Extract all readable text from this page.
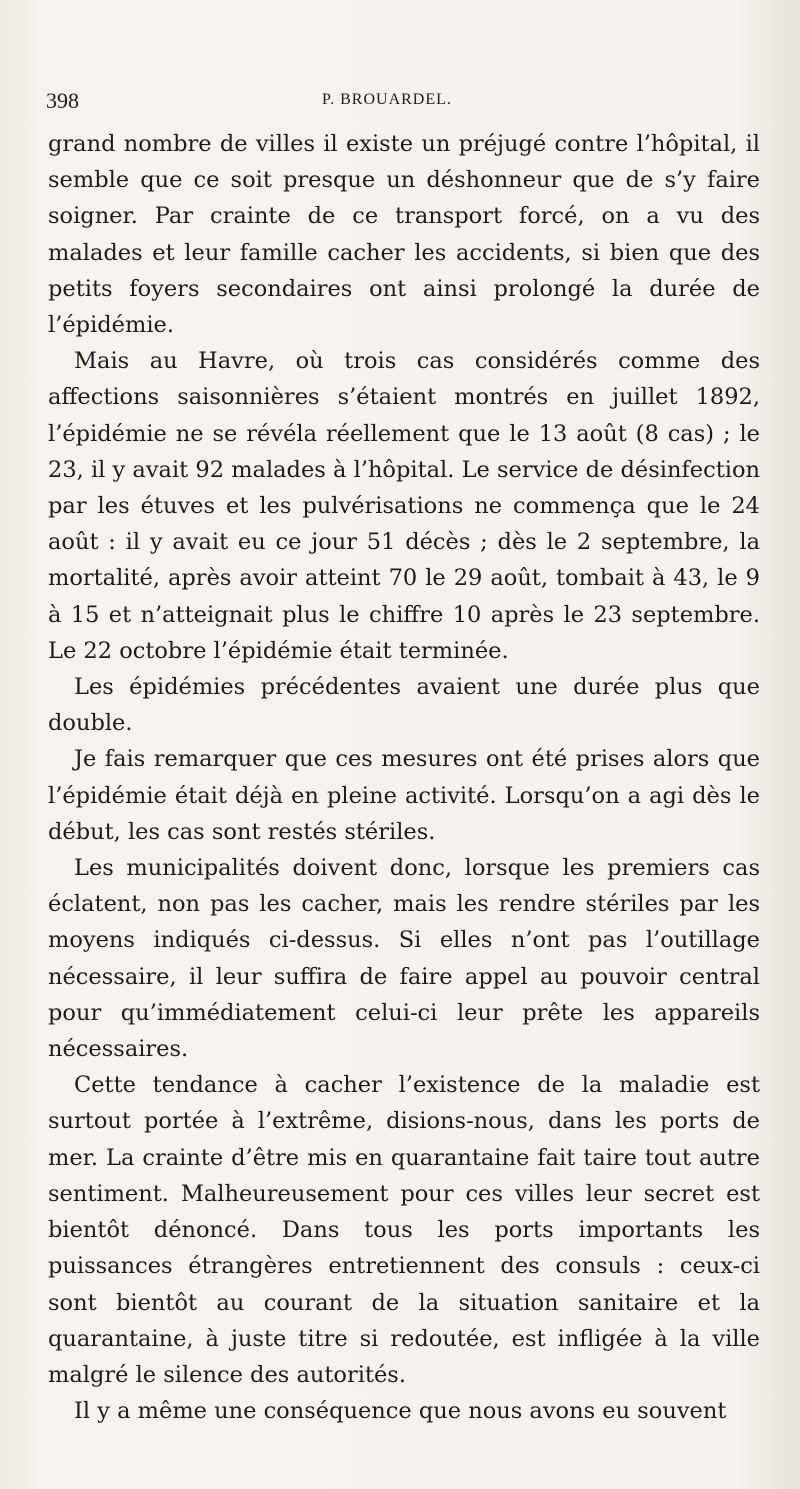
398	P. BROUARDEL.

grand nombre de villes il existe un préjugé contre l’hôpital, il semble que ce soit presque un déshonneur que de s’y faire soigner. Par crainte de ce transport forcé, on a vu des malades et leur famille cacher les accidents, si bien que des petits foyers secondaires ont ainsi prolongé la durée de l’épidémie.

Mais au Havre, où trois cas considérés comme des affections saisonnières s’étaient montrés en juillet 1892, l’épidémie ne se révéla réellement que le 13 août (8 cas) ; le 23, il y avait 92 malades à l’hôpital. Le service de désinfection par les étuves et les pulvérisations ne commença que le 24 août : il y avait eu ce jour 51 décès ; dès le 2 septembre, la mortalité, après avoir atteint 70 le 29 août, tombait à 43, le 9 à 15 et n’atteignait plus le chiffre 10 après le 23 septembre. Le 22 octobre l’épidémie était terminée.

Les épidémies précédentes avaient une durée plus que double.

Je fais remarquer que ces mesures ont été prises alors que l’épidémie était déjà en pleine activité. Lorsqu’on a agi dès le début, les cas sont restés stériles.

Les municipalités doivent donc, lorsque les premiers cas éclatent, non pas les cacher, mais les rendre stériles par les moyens indiqués ci-dessus. Si elles n’ont pas l’outillage nécessaire, il leur suffira de faire appel au pouvoir central pour qu’immédiatement celui-ci leur prête les appareils nécessaires.

Cette tendance à cacher l’existence de la maladie est surtout portée à l’extrême, disions-nous, dans les ports de mer. La crainte d’être mis en quarantaine fait taire tout autre sentiment. Malheureusement pour ces villes leur secret est bientôt dénoncé. Dans tous les ports importants les puissances étrangères entretiennent des consuls : ceux-ci sont bientôt au courant de la situation sanitaire et la quarantaine, à juste titre si redoutée, est infligée à la ville malgré le silence des autorités.

Il y a même une conséquence que nous avons eu souvent
